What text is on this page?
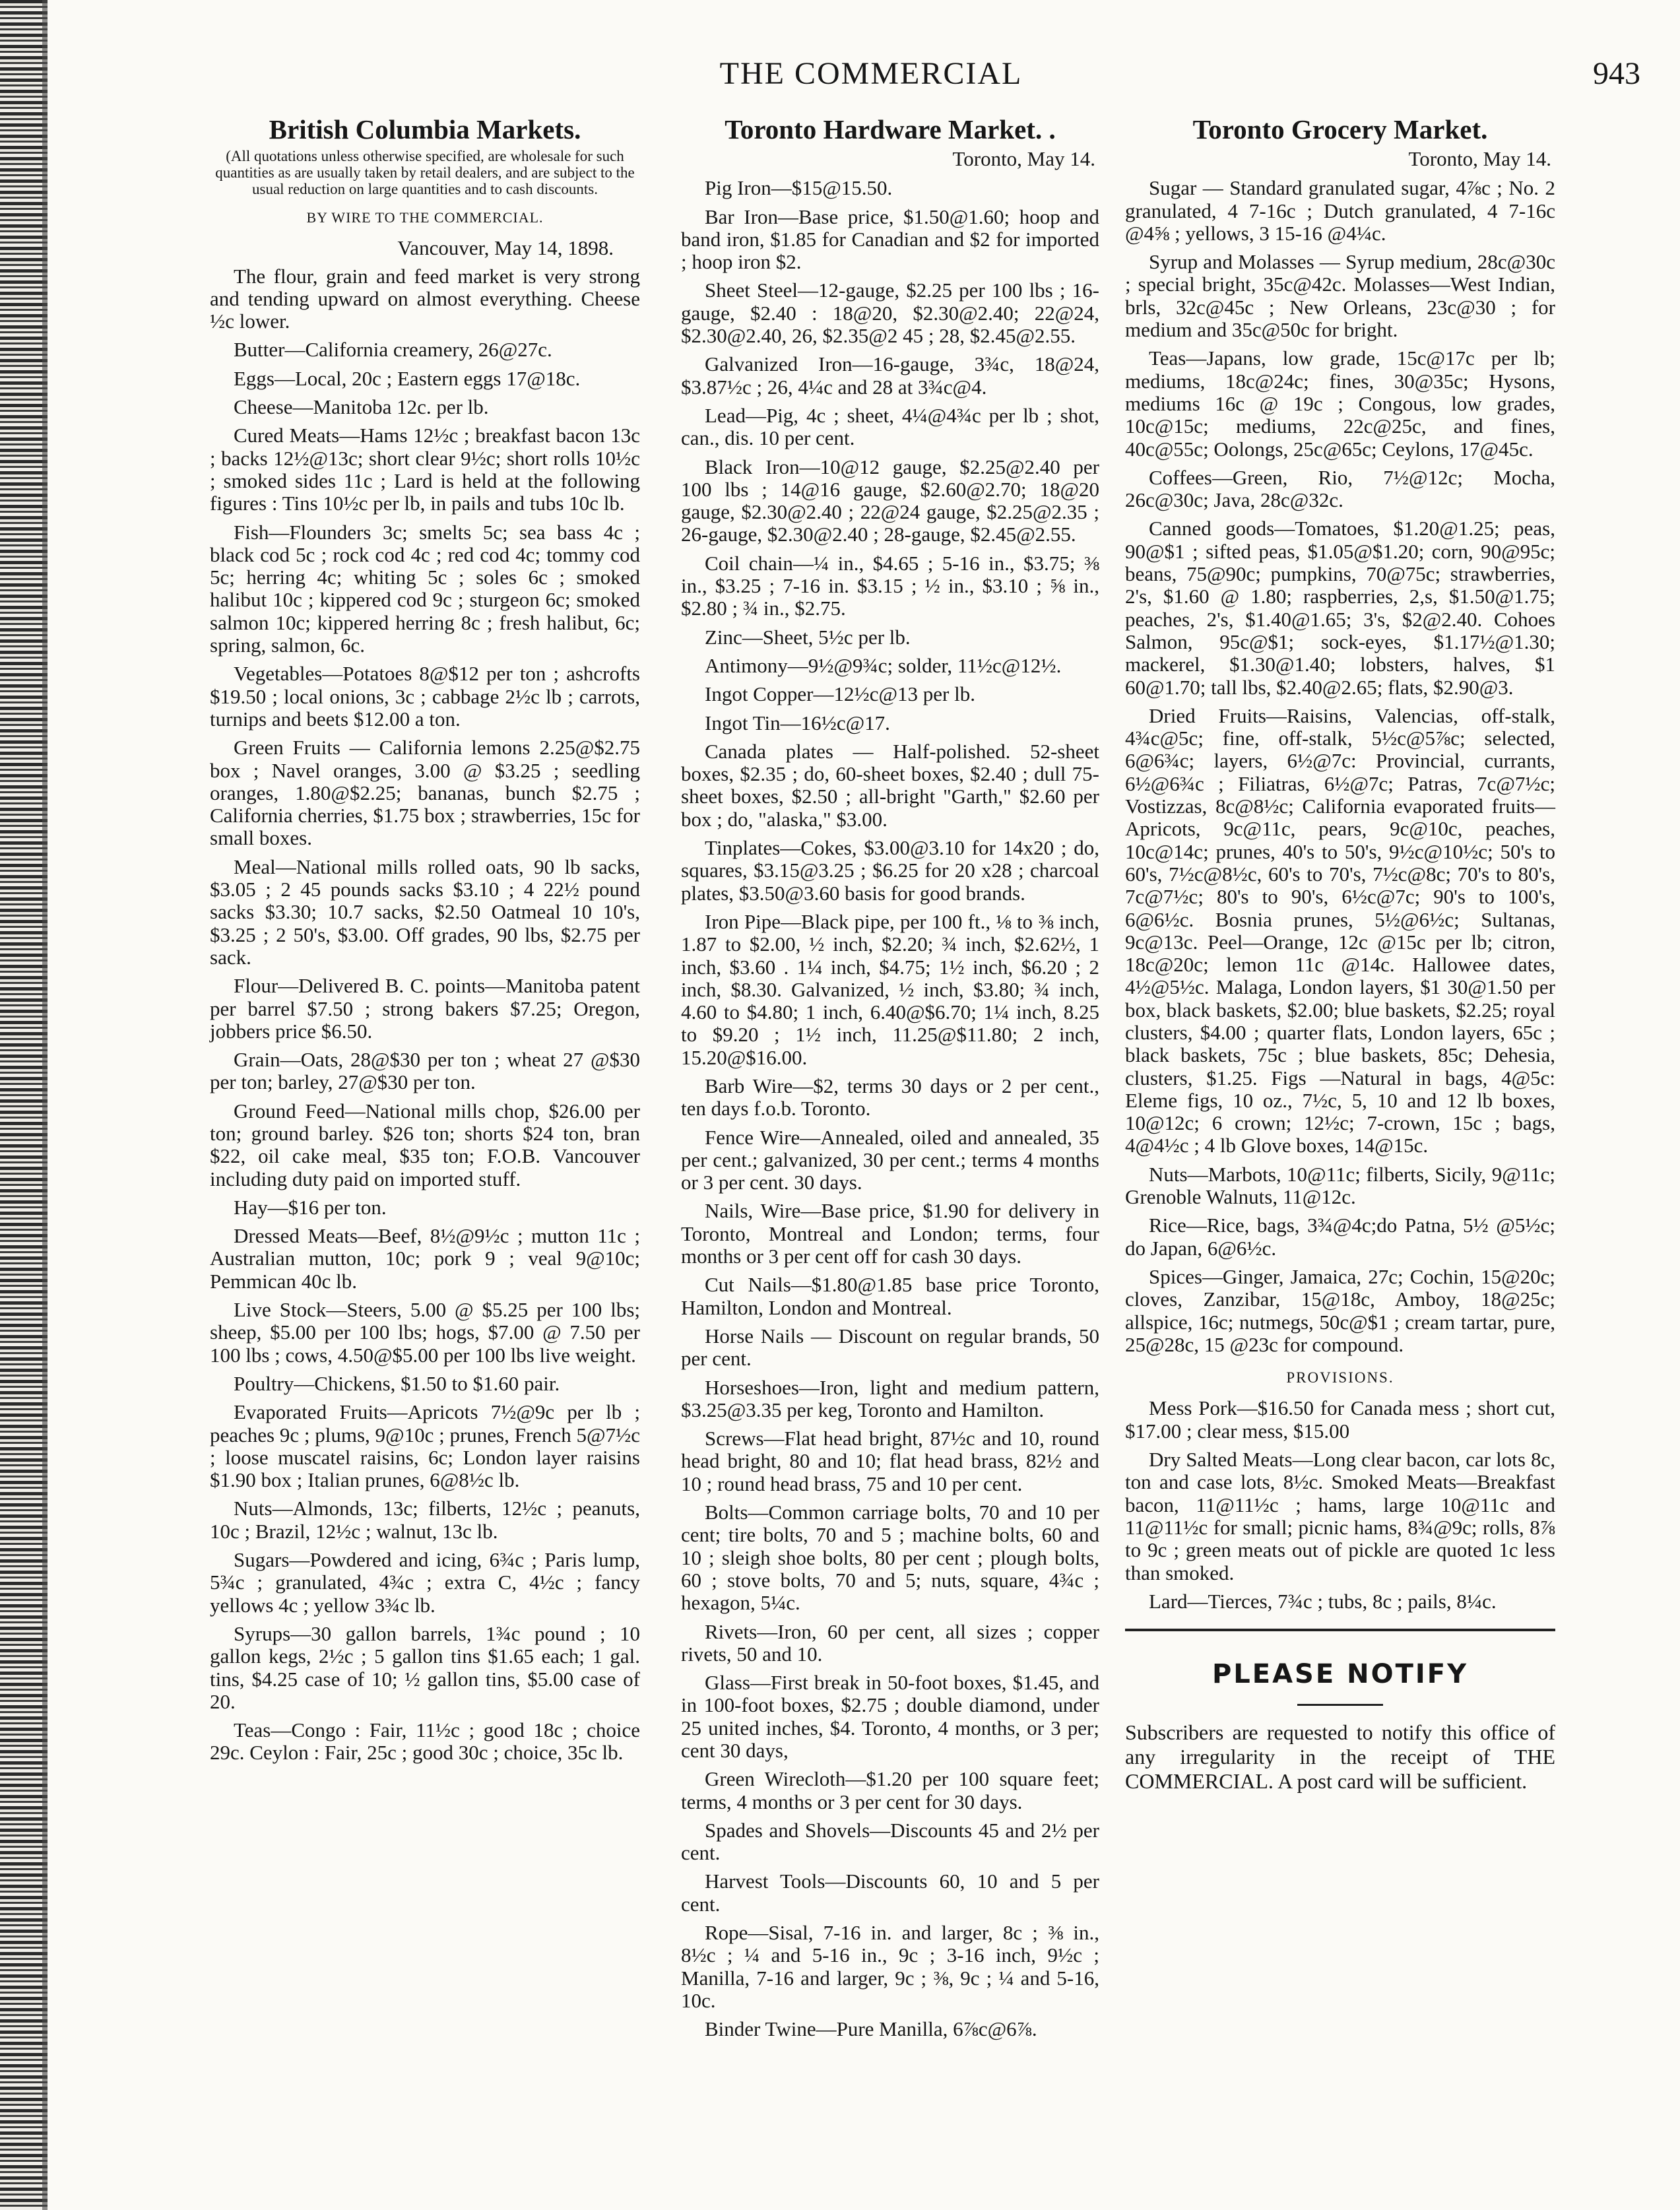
THE COMMERCIAL	943
British Columbia Markets.
(All quotations unless otherwise specified, are wholesale for such quantities as are usually taken by retail dealers, and are subject to the usual reduction on large quantities and to cash discounts.
BY WIRE TO THE COMMERCIAL.
Vancouver, May 14, 1898.

The flour, grain and feed market is very strong and tending upward on almost everything. Cheese ½c lower.

Butter—California creamery, 26@27c.

Eggs—Local, 20c ; Eastern eggs 17@18c.

Cheese—Manitoba 12c. per lb.

Cured Meats—Hams 12½c ; breakfast bacon 13c ; backs 12½@13c; short clear 9½c; short rolls 10½c ; smoked sides 11c ; Lard is held at the following figures : Tins 10½c per lb, in pails and tubs 10c lb.

Fish—Flounders 3c; smelts 5c; sea bass 4c ; black cod 5c ; rock cod 4c ; red cod 4c; tommy cod 5c; herring 4c; whiting 5c ; soles 6c ; smoked halibut 10c ; kippered cod 9c ; sturgeon 6c; smoked salmon 10c; kippered herring 8c ; fresh halibut, 6c; spring, salmon, 6c.

Vegetables—Potatoes 8@$12 per ton ; ashcrofts $19.50 ; local onions, 3c ; cabbage 2½c lb ; carrots, turnips and beets $12.00 a ton.

Green Fruits — California lemons 2.25@$2.75 box ; Navel oranges, 3.00 @ $3.25 ; seedling oranges, 1.80@$2.25; bananas, bunch $2.75 ; California cherries, $1.75 box ; strawberries, 15c for small boxes.

Meal—National mills rolled oats, 90 lb sacks, $3.05 ; 2 45 pounds sacks $3.10 ; 4 22½ pound sacks $3.30; 10.7 sacks, $2.50 Oatmeal 10 10's, $3.25 ; 2 50's, $3.00. Off grades, 90 lbs, $2.75 per sack.

Flour—Delivered B. C. points—Manitoba patent per barrel $7.50 ; strong bakers $7.25; Oregon, jobbers price $6.50.

Grain—Oats, 28@$30 per ton ; wheat 27 @$30 per ton; barley, 27@$30 per ton.

Ground Feed—National mills chop, $26.00 per ton; ground barley. $26 ton; shorts $24 ton, bran $22, oil cake meal, $35 ton; F.O.B. Vancouver including duty paid on imported stuff.

Hay—$16 per ton.

Dressed Meats—Beef, 8½@9½c ; mutton 11c ; Australian mutton, 10c; pork 9 ; veal 9@10c; Pemmican 40c lb.

Live Stock—Steers, 5.00 @ $5.25 per 100 lbs; sheep, $5.00 per 100 lbs; hogs, $7.00 @ 7.50 per 100 lbs ; cows, 4.50@$5.00 per 100 lbs live weight.

Poultry—Chickens, $1.50 to $1.60 pair.

Evaporated Fruits—Apricots 7½@9c per lb ; peaches 9c ; plums, 9@10c ; prunes, French 5@7½c ; loose muscatel raisins, 6c; London layer raisins $1.90 box ; Italian prunes, 6@8½c lb.

Nuts—Almonds, 13c; filberts, 12½c ; peanuts, 10c ; Brazil, 12½c ; walnut, 13c lb.

Sugars—Powdered and icing, 6¾c ; Paris lump, 5¾c ; granulated, 4¾c ; extra C, 4½c ; fancy yellows 4c ; yellow 3¾c lb.

Syrups—30 gallon barrels, 1¾c pound ; 10 gallon kegs, 2½c ; 5 gallon tins $1.65 each; 1 gal. tins, $4.25 case of 10; ½ gallon tins, $5.00 case of 20.

Teas—Congo : Fair, 11½c ; good 18c ; choice 29c. Ceylon : Fair, 25c ; good 30c ; choice, 35c lb.

Toronto Hardware Market. .
Toronto, May 14.

Pig Iron—$15@15.50.

Bar Iron—Base price, $1.50@1.60; hoop and band iron, $1.85 for Canadian and $2 for imported ; hoop iron $2.

Sheet Steel—12-gauge, $2.25 per 100 lbs ; 16-gauge, $2.40 : 18@20, $2.30@2.40; 22@24, $2.30@2.40, 26, $2.35@2 45 ; 28, $2.45@2.55.

Galvanized Iron—16-gauge, 3¾c, 18@24, $3.87½c ; 26, 4¼c and 28 at 3¾c@4.

Lead—Pig, 4c ; sheet, 4¼@4¾c per lb ; shot, can., dis. 10 per cent.

Black Iron—10@12 gauge, $2.25@2.40 per 100 lbs ; 14@16 gauge, $2.60@2.70; 18@20 gauge, $2.30@2.40 ; 22@24 gauge, $2.25@2.35 ; 26-gauge, $2.30@2.40 ; 28-gauge, $2.45@2.55.

Coil chain—¼ in., $4.65 ; 5-16 in., $3.75; ⅜ in., $3.25 ; 7-16 in. $3.15 ; ½ in., $3.10 ; ⅝ in., $2.80 ; ¾ in., $2.75.

Zinc—Sheet, 5½c per lb.

Antimony—9½@9¾c; solder, 11½c@12½.

Ingot Copper—12½c@13 per lb.

Ingot Tin—16½c@17.

Canada plates — Half-polished. 52-sheet boxes, $2.35 ; do, 60-sheet boxes, $2.40 ; dull 75-sheet boxes, $2.50 ; all-bright "Garth," $2.60 per box ; do, "alaska," $3.00.

Tinplates—Cokes, $3.00@3.10 for 14x20 ; do, squares, $3.15@3.25 ; $6.25 for 20 x28 ; charcoal plates, $3.50@3.60 basis for good brands.

Iron Pipe—Black pipe, per 100 ft., ⅛ to ⅜ inch, 1.87 to $2.00, ½ inch, $2.20; ¾ inch, $2.62½, 1 inch, $3.60 . 1¼ inch, $4.75; 1½ inch, $6.20 ; 2 inch, $8.30. Galvanized, ½ inch, $3.80; ¾ inch, 4.60 to $4.80; 1 inch, 6.40@$6.70; 1¼ inch, 8.25 to $9.20 ; 1½ inch, 11.25@$11.80; 2 inch, 15.20@$16.00.

Barb Wire—$2, terms 30 days or 2 per cent., ten days f.o.b. Toronto.

Fence Wire—Annealed, oiled and annealed, 35 per cent.; galvanized, 30 per cent.; terms 4 months or 3 per cent. 30 days.

Nails, Wire—Base price, $1.90 for delivery in Toronto, Montreal and London; terms, four months or 3 per cent off for cash 30 days.

Cut Nails—$1.80@1.85 base price Toronto, Hamilton, London and Montreal.

Horse Nails — Discount on regular brands, 50 per cent.

Horseshoes—Iron, light and medium pattern, $3.25@3.35 per keg, Toronto and Hamilton.

Screws—Flat head bright, 87½c and 10, round head bright, 80 and 10; flat head brass, 82½ and 10 ; round head brass, 75 and 10 per cent.

Bolts—Common carriage bolts, 70 and 10 per cent; tire bolts, 70 and 5 ; machine bolts, 60 and 10 ; sleigh shoe bolts, 80 per cent ; plough bolts, 60 ; stove bolts, 70 and 5; nuts, square, 4¾c ; hexagon, 5¼c.

Rivets—Iron, 60 per cent, all sizes ; copper rivets, 50 and 10.

Glass—First break in 50-foot boxes, $1.45, and in 100-foot boxes, $2.75 ; double diamond, under 25 united inches, $4. Toronto, 4 months, or 3 per; cent 30 days,

Green Wirecloth—$1.20 per 100 square feet; terms, 4 months or 3 per cent for 30 days.

Spades and Shovels—Discounts 45 and 2½ per cent.

Harvest Tools—Discounts 60, 10 and 5 per cent.

Rope—Sisal, 7-16 in. and larger, 8c ; ⅜ in., 8½c ; ¼ and 5-16 in., 9c ; 3-16 inch, 9½c ; Manilla, 7-16 and larger, 9c ; ⅜, 9c ; ¼ and 5-16, 10c.

Binder Twine—Pure Manilla, 6⅞c@6⅞.

Toronto Grocery Market.
Toronto, May 14.

Sugar — Standard granulated sugar, 4⅞c ; No. 2 granulated, 4 7-16c ; Dutch granulated, 4 7-16c @4⅝ ; yellows, 3 15-16 @4¼c.

Syrup and Molasses — Syrup medium, 28c@30c ; special bright, 35c@42c. Molasses—West Indian, brls, 32c@45c ; New Orleans, 23c@30 ; for medium and 35c@50c for bright.

Teas—Japans, low grade, 15c@17c per lb; mediums, 18c@24c; fines, 30@35c; Hysons, mediums 16c @ 19c ; Congous, low grades, 10c@15c; mediums, 22c@25c, and fines, 40c@55c; Oolongs, 25c@65c; Ceylons, 17@45c.

Coffees—Green, Rio, 7½@12c; Mocha, 26c@30c; Java, 28c@32c.

Canned goods—Tomatoes, $1.20@1.25; peas, 90@$1 ; sifted peas, $1.05@$1.20; corn, 90@95c; beans, 75@90c; pumpkins, 70@75c; strawberries, 2's, $1.60 @ 1.80; raspberries, 2,s, $1.50@1.75; peaches, 2's, $1.40@1.65; 3's, $2@2.40. Cohoes Salmon, 95c@$1; sock-eyes, $1.17½@1.30; mackerel, $1.30@1.40; lobsters, halves, $1 60@1.70; tall lbs, $2.40@2.65; flats, $2.90@3.

Dried Fruits—Raisins, Valencias, off-stalk, 4¾c@5c; fine, off-stalk, 5½c@5⅞c; selected, 6@6¾c; layers, 6½@7c: Provincial, currants, 6½@6¾c ; Filiatras, 6½@7c; Patras, 7c@7½c; Vostizzas, 8c@8½c; California evaporated fruits—Apricots, 9c@11c, pears, 9c@10c, peaches, 10c@14c; prunes, 40's to 50's, 9½c@10½c; 50's to 60's, 7½c@8½c, 60's to 70's, 7½c@8c; 70's to 80's, 7c@7½c; 80's to 90's, 6½c@7c; 90's to 100's, 6@6½c. Bosnia prunes, 5½@6½c; Sultanas, 9c@13c. Peel—Orange, 12c @15c per lb; citron, 18c@20c; lemon 11c @14c. Hallowee dates, 4½@5½c. Malaga, London layers, $1 30@1.50 per box, black baskets, $2.00; blue baskets, $2.25; royal clusters, $4.00 ; quarter flats, London layers, 65c ; black baskets, 75c ; blue baskets, 85c; Dehesia, clusters, $1.25. Figs —Natural in bags, 4@5c: Eleme figs, 10 oz., 7½c, 5, 10 and 12 lb boxes, 10@12c; 6 crown; 12½c; 7-crown, 15c ; bags, 4@4½c ; 4 lb Glove boxes, 14@15c.

Nuts—Marbots, 10@11c; filberts, Sicily, 9@11c; Grenoble Walnuts, 11@12c.

Rice—Rice, bags, 3¾@4c;do Patna, 5½ @5½c; do Japan, 6@6½c.

Spices—Ginger, Jamaica, 27c; Cochin, 15@20c; cloves, Zanzibar, 15@18c, Amboy, 18@25c; allspice, 16c; nutmegs, 50c@$1 ; cream tartar, pure, 25@28c, 15 @23c for compound.

PROVISIONS.

Mess Pork—$16.50 for Canada mess ; short cut, $17.00 ; clear mess, $15.00

Dry Salted Meats—Long clear bacon, car lots 8c, ton and case lots, 8½c. Smoked Meats—Breakfast bacon, 11@11½c ; hams, large 10@11c and 11@11½c for small; picnic hams, 8¾@9c; rolls, 8⅞ to 9c ; green meats out of pickle are quoted 1c less than smoked.

Lard—Tierces, 7¾c ; tubs, 8c ; pails, 8¼c.

PLEASE NOTIFY
Subscribers are requested to notify this office of any irregularity in the receipt of THE COMMERCIAL. A post card will be sufficient.
